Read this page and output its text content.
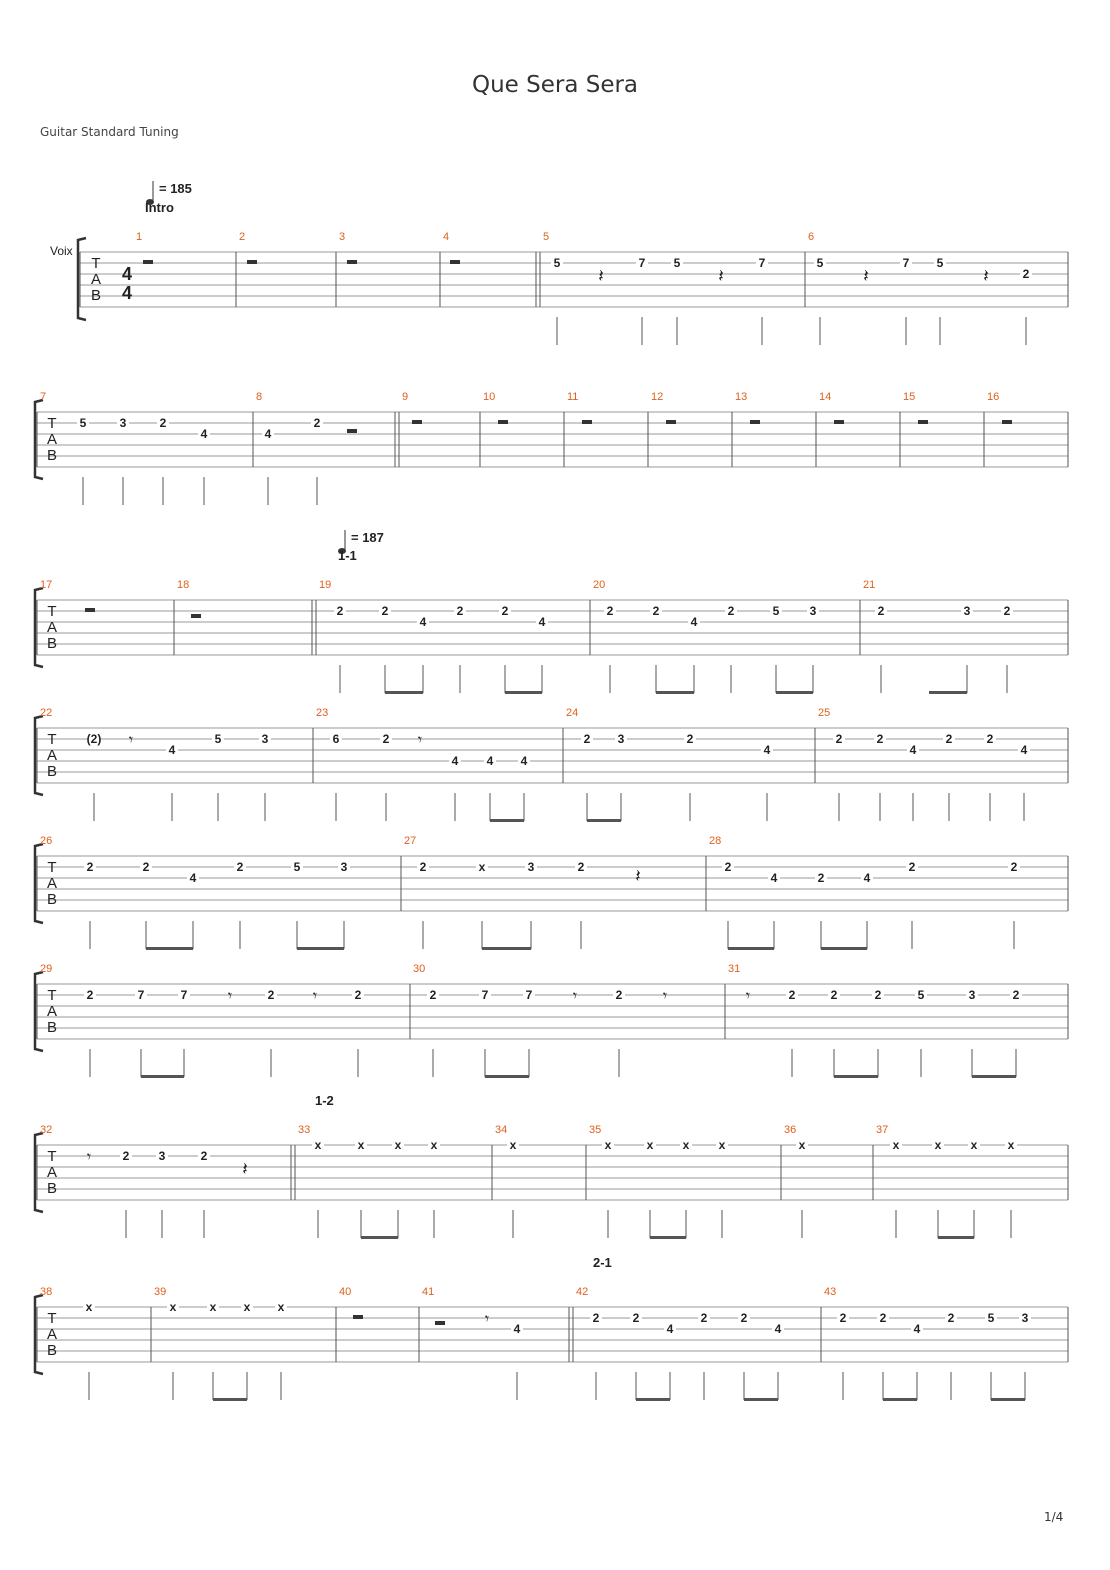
Que Sera Sera
Guitar Standard Tuning
T
A
B
1	2	3	4	5	6
T
A
B
7	8	9	10	11	12	13	14	15	16
T
A
B
17	18	19	20	21
T
A
B
22	23	24	25
T
A
B
26	27	28
T
A
B
29	30	31
T
A
B
32	33	34	35	36	37
T
A
B
38	39	40	41	42	43
4
4
Voix
5	7 5	7	5	7 5
2
5	3	2
4	4
2
2	2
4
2	2
4
2	2
4
2	5	3	2	3	2
(2)
4
5	3	6	2
4 4 4
2 3	2
4
2	2
4
2	2
4
2	2
4
2	5	3	2	x	3	2	2
4	2	4
2	2
2	7	7	2	2	2	7	7	2	2	2	2	5	3	2
2 3	2
x	x	x x	x	x	x x x	x	x	x x	x
x	x	x x x
4
2	2
4
2	2
4
2	2
4
2	5 3
𝄾	𝄾
𝄾	𝄾	𝄾	𝄾	𝄾
𝄾
𝄾
𝄽	𝄽	𝄽	𝄽
𝄽
𝄽
= 185
= 187
Intro
1-1
1-2
2-1
1/4
